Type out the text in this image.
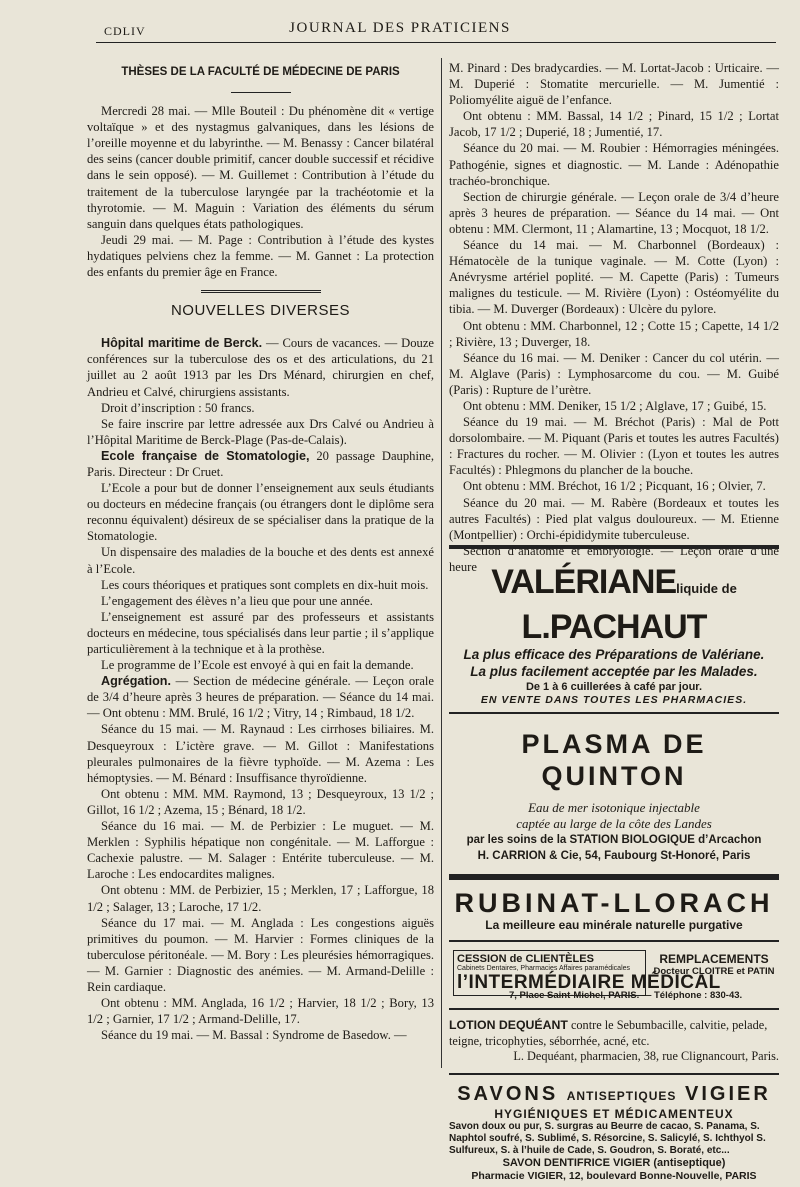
CDLIV	JOURNAL DES PRATICIENS
THÈSES DE LA FACULTÉ DE MÉDECINE DE PARIS

Mercredi 28 mai. — Mlle Bouteil : Du phénomène dit « vertige voltaïque » et des nystagmus galvaniques, dans les lésions de l’oreille moyenne et du labyrinthe. — M. Benassy : Cancer bilatéral des seins (cancer double primitif, cancer double successif et récidive dans le sein opposé). — M. Guillemet : Contribution à l’étude du traitement de la tuberculose laryngée par la trachéotomie et la thyrotomie. — M. Maguin : Variation des éléments du sérum sanguin dans quelques états pathologiques.

Jeudi 29 mai. — M. Page : Contribution à l’étude des kystes hydatiques pelviens chez la femme. — M. Gannet : La protection des enfants du premier âge en France.

NOUVELLES DIVERSES

Hôpital maritime de Berck. — Cours de vacances. — Douze conférences sur la tuberculose des os et des articulations, du 21 juillet au 2 août 1913 par les Drs Ménard, chirurgien en chef, Andrieu et Calvé, chirurgiens assistants.

Droit d’inscription : 50 francs.

Se faire inscrire par lettre adressée aux Drs Calvé ou Andrieu à l’Hôpital Maritime de Berck-Plage (Pas-de-Calais).

Ecole française de Stomatologie, 20 passage Dauphine, Paris. Directeur : Dr Cruet.

L’Ecole a pour but de donner l’enseignement aux seuls étudiants ou docteurs en médecine français (ou étrangers dont le diplôme sera reconnu équivalent) désireux de se spécialiser dans la pratique de la Stomatologie.

Un dispensaire des maladies de la bouche et des dents est annexé à l’Ecole.

Les cours théoriques et pratiques sont complets en dix-huit mois.

L’engagement des élèves n’a lieu que pour une année.

L’enseignement est assuré par des professeurs et assistants docteurs en médecine, tous spécialisés dans leur partie ; il s’applique particulièrement à la technique et à la prothèse.

Le programme de l’Ecole est envoyé à qui en fait la demande.

Agrégation. — Section de médecine générale. — Leçon orale de 3/4 d’heure après 3 heures de préparation. — Séance du 14 mai. — Ont obtenu : MM. Brulé, 16 1/2 ; Vitry, 14 ; Rimbaud, 18 1/2.

Séance du 15 mai. — M. Raynaud : Les cirrhoses biliaires. M. Desqueyroux : L’ictère grave. — M. Gillot : Manifestations pleurales pulmonaires de la fièvre typhoïde. — M. Azema : Les hémoptysies. — M. Bénard : Insuffisance thyroïdienne.

Ont obtenu : MM. MM. Raymond, 13 ; Desqueyroux, 13 1/2 ; Gillot, 16 1/2 ; Azema, 15 ; Bénard, 18 1/2.

Séance du 16 mai. — M. de Perbizier : Le muguet. — M. Merklen : Syphilis hépatique non congénitale. — M. Lafforgue : Cachexie palustre. — M. Salager : Entérite tuberculeuse. — M. Laroche : Les endocardites malignes.

Ont obtenu : MM. de Perbizier, 15 ; Merklen, 17 ; Lafforgue, 18 1/2 ; Salager, 13 ; Laroche, 17 1/2.

Séance du 17 mai. — M. Anglada : Les congestions aiguës primitives du poumon. — M. Harvier : Formes cliniques de la tuberculose péritonéale. — M. Bory : Les pleurésies hémorragiques. — M. Garnier : Diagnostic des anémies. — M. Armand-Delille : Rein cardiaque.

Ont obtenu : MM. Anglada, 16 1/2 ; Harvier, 18 1/2 ; Bory, 13 1/2 ; Garnier, 17 1/2 ; Armand-Delille, 17.

Séance du 19 mai. — M. Bassal : Syndrome de Basedow. —

M. Pinard : Des bradycardies. — M. Lortat-Jacob : Urticaire. — M. Duperié : Stomatite mercurielle. — M. Jumentié : Poliomyélite aiguë de l’enfance.

Ont obtenu : MM. Bassal, 14 1/2 ; Pinard, 15 1/2 ; Lortat Jacob, 17 1/2 ; Duperié, 18 ; Jumentié, 17.

Séance du 20 mai. — M. Roubier : Hémorragies méningées. Pathogénie, signes et diagnostic. — M. Lande : Adénopathie trachéo-bronchique.

Section de chirurgie générale. — Leçon orale de 3/4 d’heure après 3 heures de préparation. — Séance du 14 mai. — Ont obtenu : MM. Clermont, 11 ; Alamartine, 13 ; Mocquot, 18 1/2.

Séance du 14 mai. — M. Charbonnel (Bordeaux) : Hématocèle de la tunique vaginale. — M. Cotte (Lyon) : Anévrysme artériel poplité. — M. Capette (Paris) : Tumeurs malignes du testicule. — M. Rivière (Lyon) : Ostéomyélite du tibia. — M. Duverger (Bordeaux) : Ulcère du pylore.

Ont obtenu : MM. Charbonnel, 12 ; Cotte 15 ; Capette, 14 1/2 ; Rivière, 13 ; Duverger, 18.

Séance du 16 mai. — M. Deniker : Cancer du col utérin. — M. Alglave (Paris) : Lymphosarcome du cou. — M. Guibé (Paris) : Rupture de l’urètre.

Ont obtenu : MM. Deniker, 15 1/2 ; Alglave, 17 ; Guibé, 15.

Séance du 19 mai. — M. Bréchot (Paris) : Mal de Pott dorsolombaire. — M. Piquant (Paris et toutes les autres Facultés) : Fractures du rocher. — M. Olivier : (Lyon et toutes les autres Facultés) : Phlegmons du plancher de la bouche.

Ont obtenu : MM. Bréchot, 16 1/2 ; Picquant, 16 ; Olvier, 7.

Séance du 20 mai. — M. Rabère (Bordeaux et toutes les autres Facultés) : Pied plat valgus douloureux. — M. Etienne (Montpellier) : Orchi-épididymite tuberculeuse.

Section d’anatomie et embryologie. — Leçon orale d’une heure VALÉRIANEliquide de L.PACHAUT
La plus efficace des Préparations de Valériane.
La plus facilement acceptée par les Malades.
De 1 à 6 cuillerées à café par jour.
EN VENTE DANS TOUTES LES PHARMACIES.
PLASMA DE QUINTON
Eau de mer isotonique injectable
captée au large de la côte des Landes
par les soins de la STATION BIOLOGIQUE d’Arcachon
H. CARRION & Cie, 54, Faubourg St-Honoré, Paris
RUBINAT-LLORACH
La meilleure eau minérale naturelle purgative
CESSION de CLIENTÈLES
Cabinets Dentaires, Pharmacies Affaires paramédicales
l’INTERMÉDIAIRE MÉDICAL
REMPLACEMENTS
Docteur CLOITRE et PATIN
7, Place Saint-Michel, PARIS. — Téléphone : 830-43.
LOTION DEQUÉANT contre le Sebumbacille, calvitie, pelade, teigne, tricophyties, séborrhée, acné, etc.
L. Dequéant, pharmacien, 38, rue Clignancourt, Paris.
SAVONS ANTISEPTIQUES VIGIER
HYGIÉNIQUES ET MÉDICAMENTEUX
Savon doux ou pur, S. surgras au Beurre de cacao, S. Panama, S. Naphtol soufré, S. Sublimé, S. Résorcine, S. Salicylé, S. Ichthyol S. Sulfureux, S. à l’huile de Cade, S. Goudron, S. Boraté, etc...
SAVON DENTIFRICE VIGIER (antiseptique)
Pharmacie VIGIER, 12, boulevard Bonne-Nouvelle, PARIS
